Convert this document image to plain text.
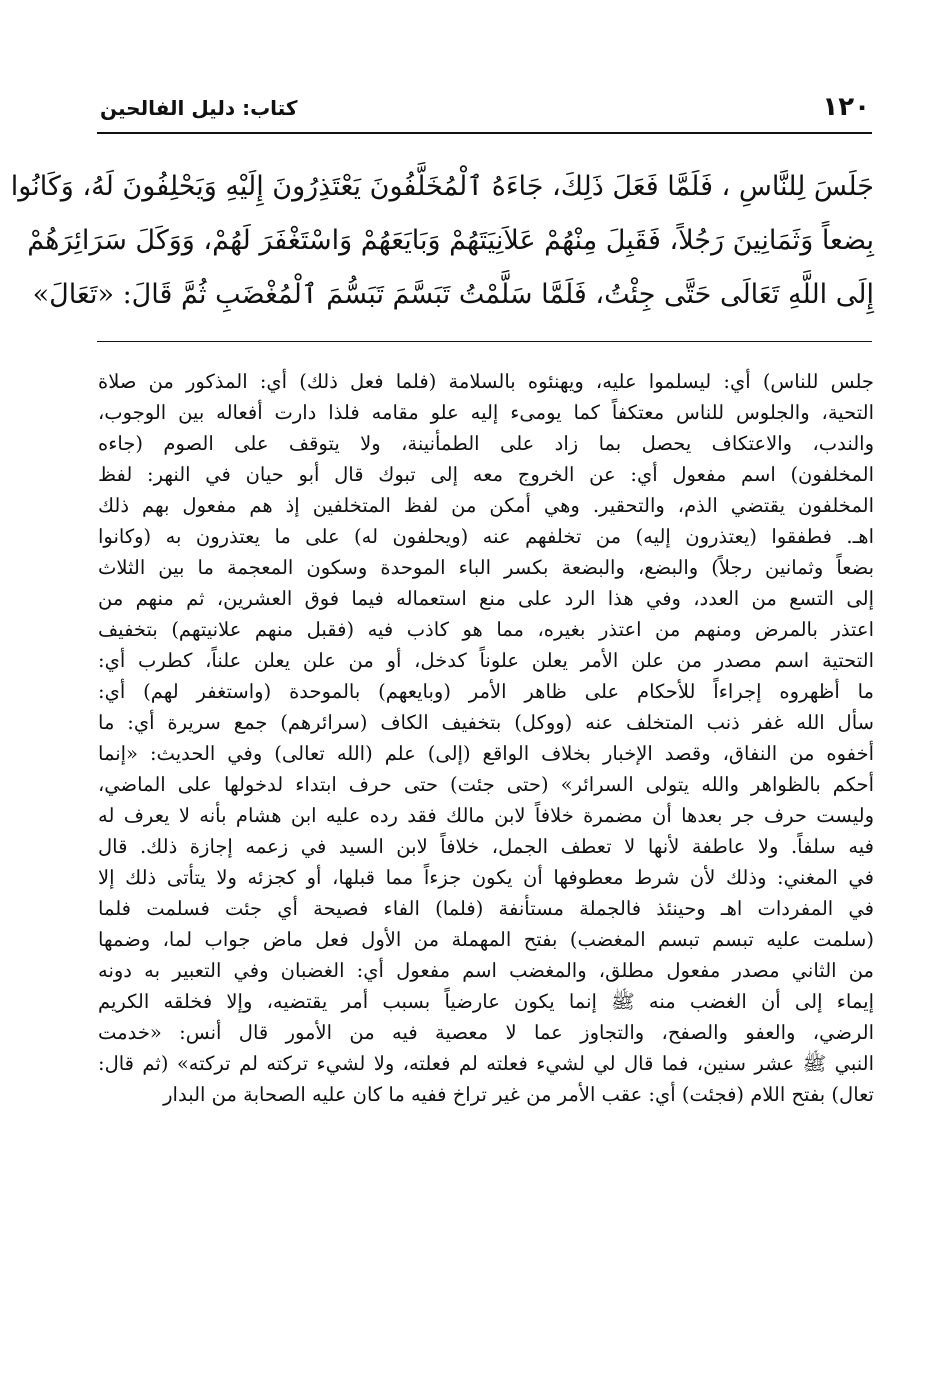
١٢٠
كتاب: دليل الفالحين
جَلَسَ لِلنَّاسِ ، فَلَمَّا فَعَلَ ذَلِكَ، جَاءَهُ ٱلْمُخَلَّفُونَ يَعْتَذِرُونَ إِلَيْهِ وَيَحْلِفُونَ لَهُ، وَكَانُوا
بِضعاً وَثَمَانِينَ رَجُلاً، فَقَبِلَ مِنْهُمْ عَلاَنِيَتَهُمْ وَبَايَعَهُمْ وَاسْتَغْفَرَ لَهُمْ، وَوَكَلَ سَرَائِرَهُمْ
إِلَى اللَّهِ تَعَالَى حَتَّى جِئْتُ، فَلَمَّا سَلَّمْتُ تَبَسَّمَ تَبَسُّمَ ٱلْمُغْضَبِ ثُمَّ قَالَ: «تَعَالَ»
جلس للناس) أي: ليسلموا عليه، ويهنئوه بالسلامة (فلما فعل ذلك) أي: المذكور من صلاة
التحية، والجلوس للناس معتكفاً كما يومىء إليه علو مقامه فلذا دارت أفعاله بين الوجوب،
والندب، والاعتكاف يحصل بما زاد على الطمأنينة، ولا يتوقف على الصوم (جاءه
المخلفون) اسم مفعول أي: عن الخروج معه إلى تبوك قال أبو حيان في النهر: لفظ
المخلفون يقتضي الذم، والتحقير. وهي أمكن من لفظ المتخلفين إذ هم مفعول بهم ذلك
اهـ. فطفقوا (يعتذرون إليه) من تخلفهم عنه (ويحلفون له) على ما يعتذرون به (وكانوا
بضعاً وثمانين رجلاً) والبضع، والبضعة بكسر الباء الموحدة وسكون المعجمة ما بين الثلاث
إلى التسع من العدد، وفي هذا الرد على منع استعماله فيما فوق العشرين، ثم منهم من
اعتذر بالمرض ومنهم من اعتذر بغيره، مما هو كاذب فيه (فقبل منهم علانيتهم) بتخفيف
التحتية اسم مصدر من علن الأمر يعلن علوناً كدخل، أو من علن يعلن علناً، كطرب أي:
ما أظهروه إجراءاً للأحكام على ظاهر الأمر (وبايعهم) بالموحدة (واستغفر لهم) أي:
سأل الله غفر ذنب المتخلف عنه (ووكل) بتخفيف الكاف (سرائرهم) جمع سريرة أي: ما
أخفوه من النفاق، وقصد الإخبار بخلاف الواقع (إلى) علم (الله تعالى) وفي الحديث: «إنما
أحكم بالظواهر والله يتولى السرائر» (حتى جئت) حتى حرف ابتداء لدخولها على الماضي،
وليست حرف جر بعدها أن مضمرة خلافاً لابن مالك فقد رده عليه ابن هشام بأنه لا يعرف له
فيه سلفاً. ولا عاطفة لأنها لا تعطف الجمل، خلافاً لابن السيد في زعمه إجازة ذلك. قال
في المغني: وذلك لأن شرط معطوفها أن يكون جزءاً مما قبلها، أو كجزئه ولا يتأتى ذلك إلا
في المفردات اهـ وحينئذ فالجملة مستأنفة (فلما) الفاء فصيحة أي جئت فسلمت فلما
(سلمت عليه تبسم تبسم المغضب) بفتح المهملة من الأول فعل ماض جواب لما، وضمها
من الثاني مصدر مفعول مطلق، والمغضب اسم مفعول أي: الغضبان وفي التعبير به دونه
إيماء إلى أن الغضب منه ﷺ إنما يكون عارضياً بسبب أمر يقتضيه، وإلا فخلقه الكريم
الرضي، والعفو والصفح، والتجاوز عما لا معصية فيه من الأمور قال أنس: «خدمت
النبي ﷺ عشر سنين، فما قال لي لشيء فعلته لم فعلته، ولا لشيء تركته لم تركته» (ثم قال:
تعال) بفتح اللام (فجئت) أي: عقب الأمر من غير تراخ ففيه ما كان عليه الصحابة من البدار
